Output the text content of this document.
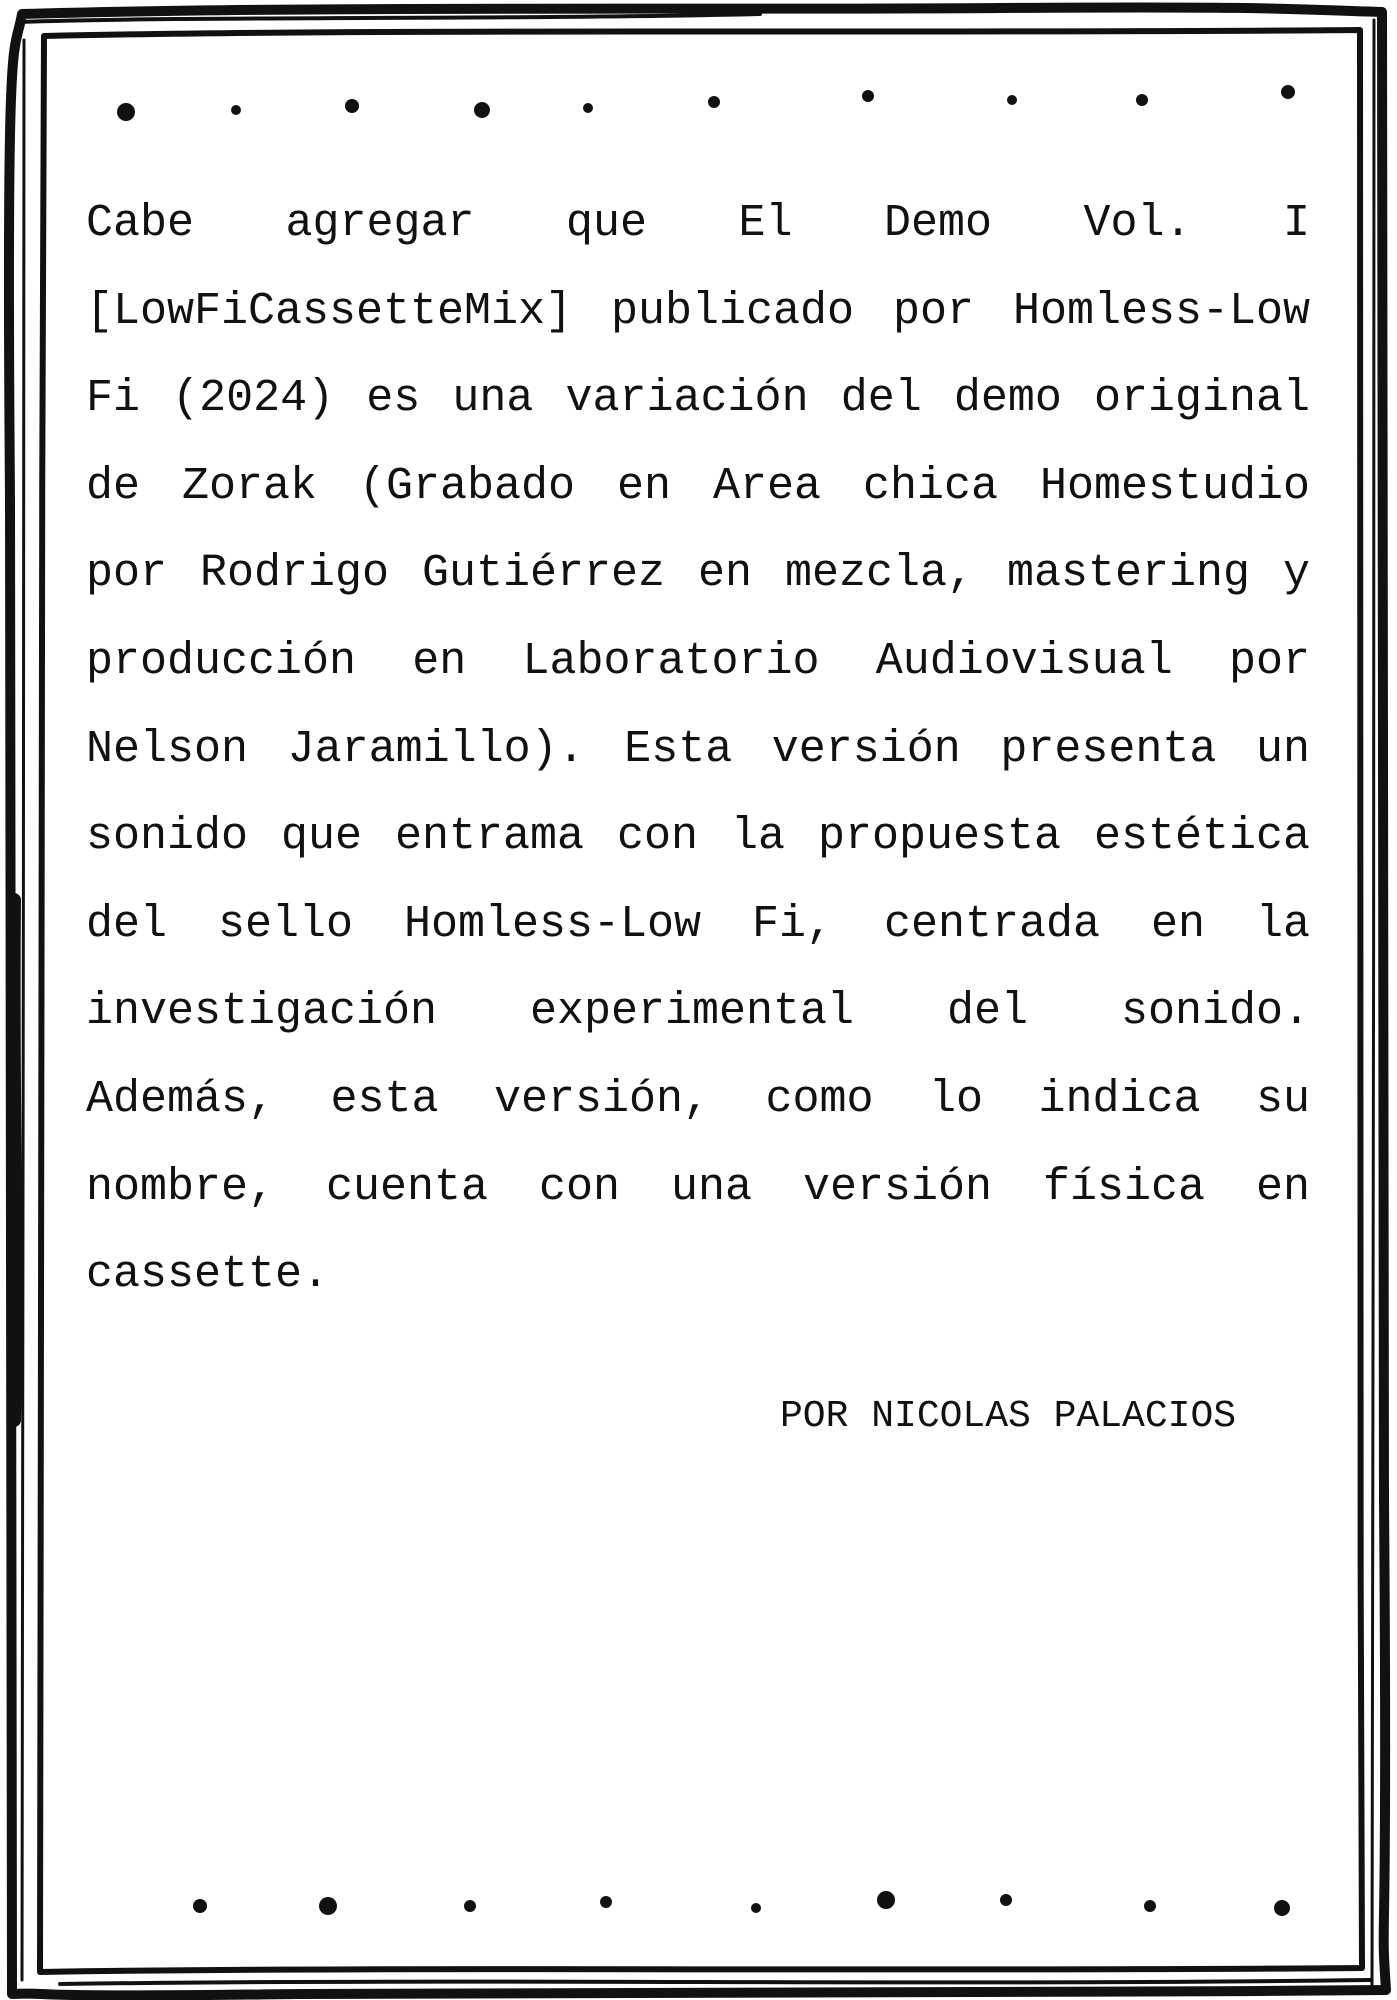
Cabe agregar que El Demo Vol. I [LowFiCassetteMix] publicado por Homless-Low Fi (2024) es una variación del demo original de Zorak (Grabado en Area chica Homestudio por Rodrigo Gutiérrez en mezcla, mastering y producción en Laboratorio Audiovisual por Nelson Jaramillo). Esta versión presenta un sonido que entrama con la propuesta estética del sello Homless-Low Fi, centrada en la investigación experimental del sonido. Además, esta versión, como lo indica su nombre, cuenta con una versión física en cassette.

POR NICOLAS PALACIOS
